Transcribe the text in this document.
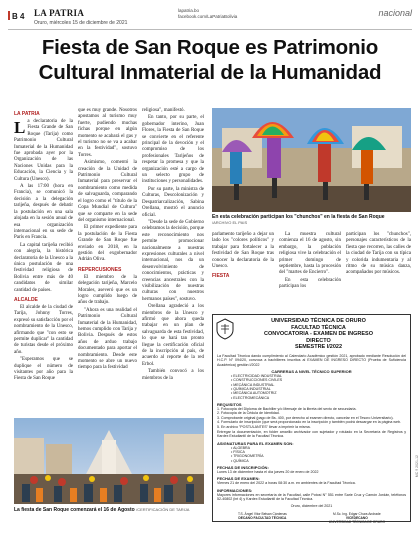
B 4 LA PATRIA
Oruro, miércoles 15 de diciembre de 2021
lapatria.bo
facebook.com/LaPatriaBolivia	nacional
Fiesta de San Roque es Patrimonio Cultural Inmaterial de la Humanidad
LA PATRIA

La declaratoria de la Fiesta Grande de San Roque (Tarija) como Patrimonio Cultural Inmaterial de la Humanidad fue aprobada ayer por la Organización de las Naciones Unidas para la Educación, la Ciencia y la Cultura (Unesco).

A las 17:00 (hora en Francia), se comunicó la decisión a la delegación tarijeña, después de debatir la postulación en una sala alojada en la sesión anual de esa organización internacional en su sede de París en Francia.

La capital tarijeña recibió con alegría, la histórica declaratoria de la Unesco a la única postulación de una festividad religiosa de Bolivia entre más de 40 candidatos de similar cantidad de países.

ALCALDE

El alcalde de la ciudad de Tarija, Johnny Torres, expresó su satisfacción por el nombramiento de la Unesco, afirmando que "con esto se permite duplicar" la cantidad de turistas desde el próximo año.

"Esperamos que se duplique el número de visitantes por año para la Fiesta de San Roque

que es muy grande. Nosotros apostamos al turismo muy fuerte, pudiendo muchas fichas porque en algún momento se acabará el gas y el turismo no se va a acabar en la festividad", sostuvo Torres.

Asimismo, comentó la creación de la Unidad de Patrimonio Cultural Inmaterial para preservar el nombramiento como medida de salvaguarda, comparando el logro como el "título de la Copa Mundial de Cultura" que se comparte en la sede del organismo internacional.

El primer expediente para la postulación de la Fiesta Grande de San Roque fue enviado en 2018, en la gestión del exgobernador Adrián Oliva.

REPERCUSIONES

El miembro de la delegación tarijeña, Marcelo Morales, aseveró que es un logro cumplido luego de años de trabajo.

"Ahora es una realidad el Patrimonio Cultural Inmaterial de la Humanidad, hemos cumplido con Tarija y Bolivia. Después de estos años de arduo trabajo documentado para aportar el nombramiento. Desde este momento se abre un nuevo tiempo para la festividad

religiosa", manifestó.

En tanto, por su parte, el gobernador interino, Juan Flores, la Fiesta de San Roque se convierte en el referente principal de la devoción y el compromiso de los profesionales Tarijeños de respetar la promesa y que la organización esté a cargo de un selecto grupo de instituciones y personalidades.

Por su parte, la ministra de Culturas, Descolonización y Despatriarcalización, Sabina Orellana, mostró el anuncio oficial.

"Desde la sede de Gobierno celebramos la decisión, porque este reconocimiento nos permite promocionar nacionalmente a nuestras expresiones culturales a nivel internacional, nos da un desenvolvimiento de conocimientos, prácticas y creencias ancestrales con la visibilización de nuestras culturas con nuestros hermanos países", sostuvo.

Orellana agradeció a los miembros de la Unesco y afirmó que ahora queda trabajar en un plan de salvaguarda de esta festividad, lo que se hará tan pronto llegue la certificación oficial de la inscripción al país, de acuerdo al reporte de la red Erbol.

También convocó a los miembros de la

La fiesta de San Roque comenzará el 16 de Agosto /CERTIFICACIÓN DE TARIJA
En esta celebración participan los "chunchos" en la fiesta de San Roque
/ARCHIVO EL PAIS

parlamento tarijeño a dejar un lado los "colores políticos" y trabajar para fortalecer a la festividad de San Roque tras conocer la declaratoria de la Unesco.

FIESTA

La muestra cultural comienza el 16 de agosto, sin embargo, la población religiosa vive la celebración el primer domingo de septiembre, hasta la procesión del "martes de Encierro".

En esta celebración participan los

participan los "chunchos", personajes característicos de la fiesta que recorren, las calles de la ciudad de Tarija con su típica y colorida indumentaria y al ritmo de su música danza, acompañados por músicos.

UNIVERSIDAD TÉCNICA DE ORURO
FACULTAD TÉCNICA
CONVOCATORIA - EXAMEN DE INGRESO
DIRECTO
SEMESTRE I/2022
La Facultad Técnica dando cumplimiento al Calendario Académico gestión 2021, aprobado mediante Resolución del H.C.P. N° 094/20, convoca a bachilleres inscritos al EXAMEN DE INGRESO DIRECTO (Prueba de Suficiencia Académica) gestión I/2022
CARRERAS A NIVEL TÉCNICO SUPERIOR
• ELECTRICIDAD INDUSTRIAL
• CONSTRUCCIONES CIVILES
• MECÁNICA INDUSTRIAL
• QUÍMICA INDUSTRIAL
• MECÁNICA AUTOMOTRIZ
• ELECTROMECÁNICA
REQUISITOS
1. Fotocopia del Diploma de Bachiller y/o Mensaje de la libreta del sexto de secundaria.
2. Fotocopia de la Cédula de Identidad.
3. Comprobante original (pago de Bs. 400, por derecho al examen directo, cancelar en el Tesoro Universitario).
4. Formulario de inscripción (que será proporcionado en la inscripción y también podrá descargar en la página web.
5. En archivo "POSTULANTES" llevar a imprimir la misma.
Entregar la documentación, en folder amarillo archivador con sujetador y rotulado en la Secretaría de Registros y Kardex Estudiantil de la Facultad Técnica.
ASIGNATURAS PARA EL EXAMEN SON:
• ALGEBRA
• FÍSICA
• TRIGONOMETRÍA
• QUÍMICA
FECHAS DE INSCRIPCIÓN:
Lunes 13 de diciembre hasta el día jueves 20 de enero de 2022
FECHAS DE EXAMEN:
Viernes 21 de enero del 2022 a horas 08:30 a.m. en ambientes de la Facultad Técnica.
INFORMACIONES:
Mayores informaciones en secretaría de la Facultad, calle Potosí N° 551 entre Sarie Cruz y Camón Jordán, teléfonos 52-40802 (int 4) y Kardex Estudiantil de la Facultad Técnica.
Oruro, diciembre del 2021
T.S. Ángel Vitor Belsan Cárdenas
DECANO FACULTAD TÉCNICA
M.Sc. Ing. Edgar Chura Andrade
VICEDECANO
UNIVERSIDAD TÉCNICA DE ORURO
MC 9 2021-12
